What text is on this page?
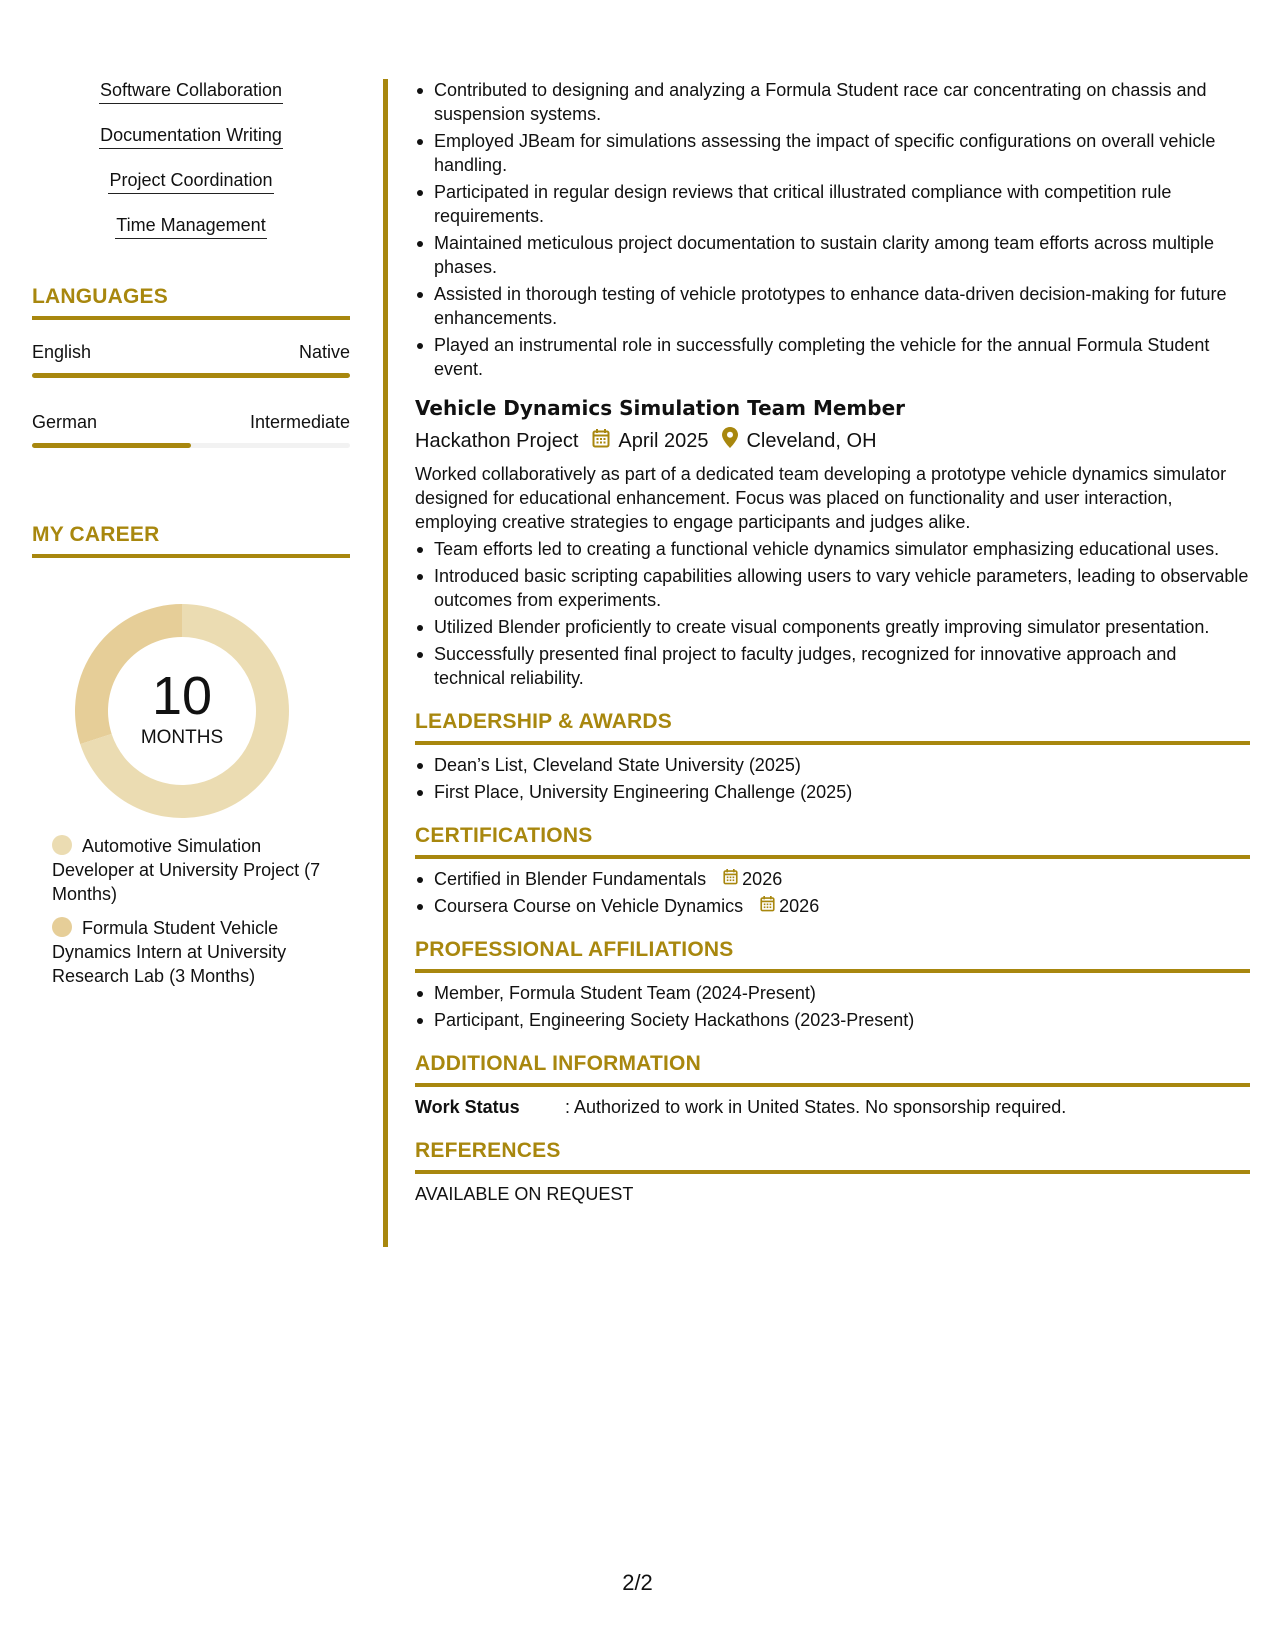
Software Collaboration
Documentation Writing
Project Coordination
Time Management
LANGUAGES
English	Native
German	Intermediate
MY CAREER
10
MONTHS
Automotive Simulation Developer at University Project (7 Months)
Formula Student Vehicle Dynamics Intern at University Research Lab (3 Months)
Contributed to designing and analyzing a Formula Student race car concentrating on chassis and suspension systems.
Employed JBeam for simulations assessing the impact of specific configurations on overall vehicle handling.
Participated in regular design reviews that critical illustrated compliance with competition rule requirements.
Maintained meticulous project documentation to sustain clarity among team efforts across multiple phases.
Assisted in thorough testing of vehicle prototypes to enhance data-driven decision-making for future enhancements.
Played an instrumental role in successfully completing the vehicle for the annual Formula Student event.
Vehicle Dynamics Simulation Team Member
Hackathon Project April 2025 Cleveland, OH
Worked collaboratively as part of a dedicated team developing a prototype vehicle dynamics simulator designed for educational enhancement. Focus was placed on functionality and user interaction, employing creative strategies to engage participants and judges alike.
Team efforts led to creating a functional vehicle dynamics simulator emphasizing educational uses.
Introduced basic scripting capabilities allowing users to vary vehicle parameters, leading to observable outcomes from experiments.
Utilized Blender proficiently to create visual components greatly improving simulator presentation.
Successfully presented final project to faculty judges, recognized for innovative approach and technical reliability.
LEADERSHIP & AWARDS
Dean’s List, Cleveland State University (2025)
First Place, University Engineering Challenge (2025)
CERTIFICATIONS
Certified in Blender Fundamentals 2026
Coursera Course on Vehicle Dynamics 2026
PROFESSIONAL AFFILIATIONS
Member, Formula Student Team (2024-Present)
Participant, Engineering Society Hackathons (2023-Present)
ADDITIONAL INFORMATION
Work Status	: Authorized to work in United States. No sponsorship required.
REFERENCES
AVAILABLE ON REQUEST
2/2
